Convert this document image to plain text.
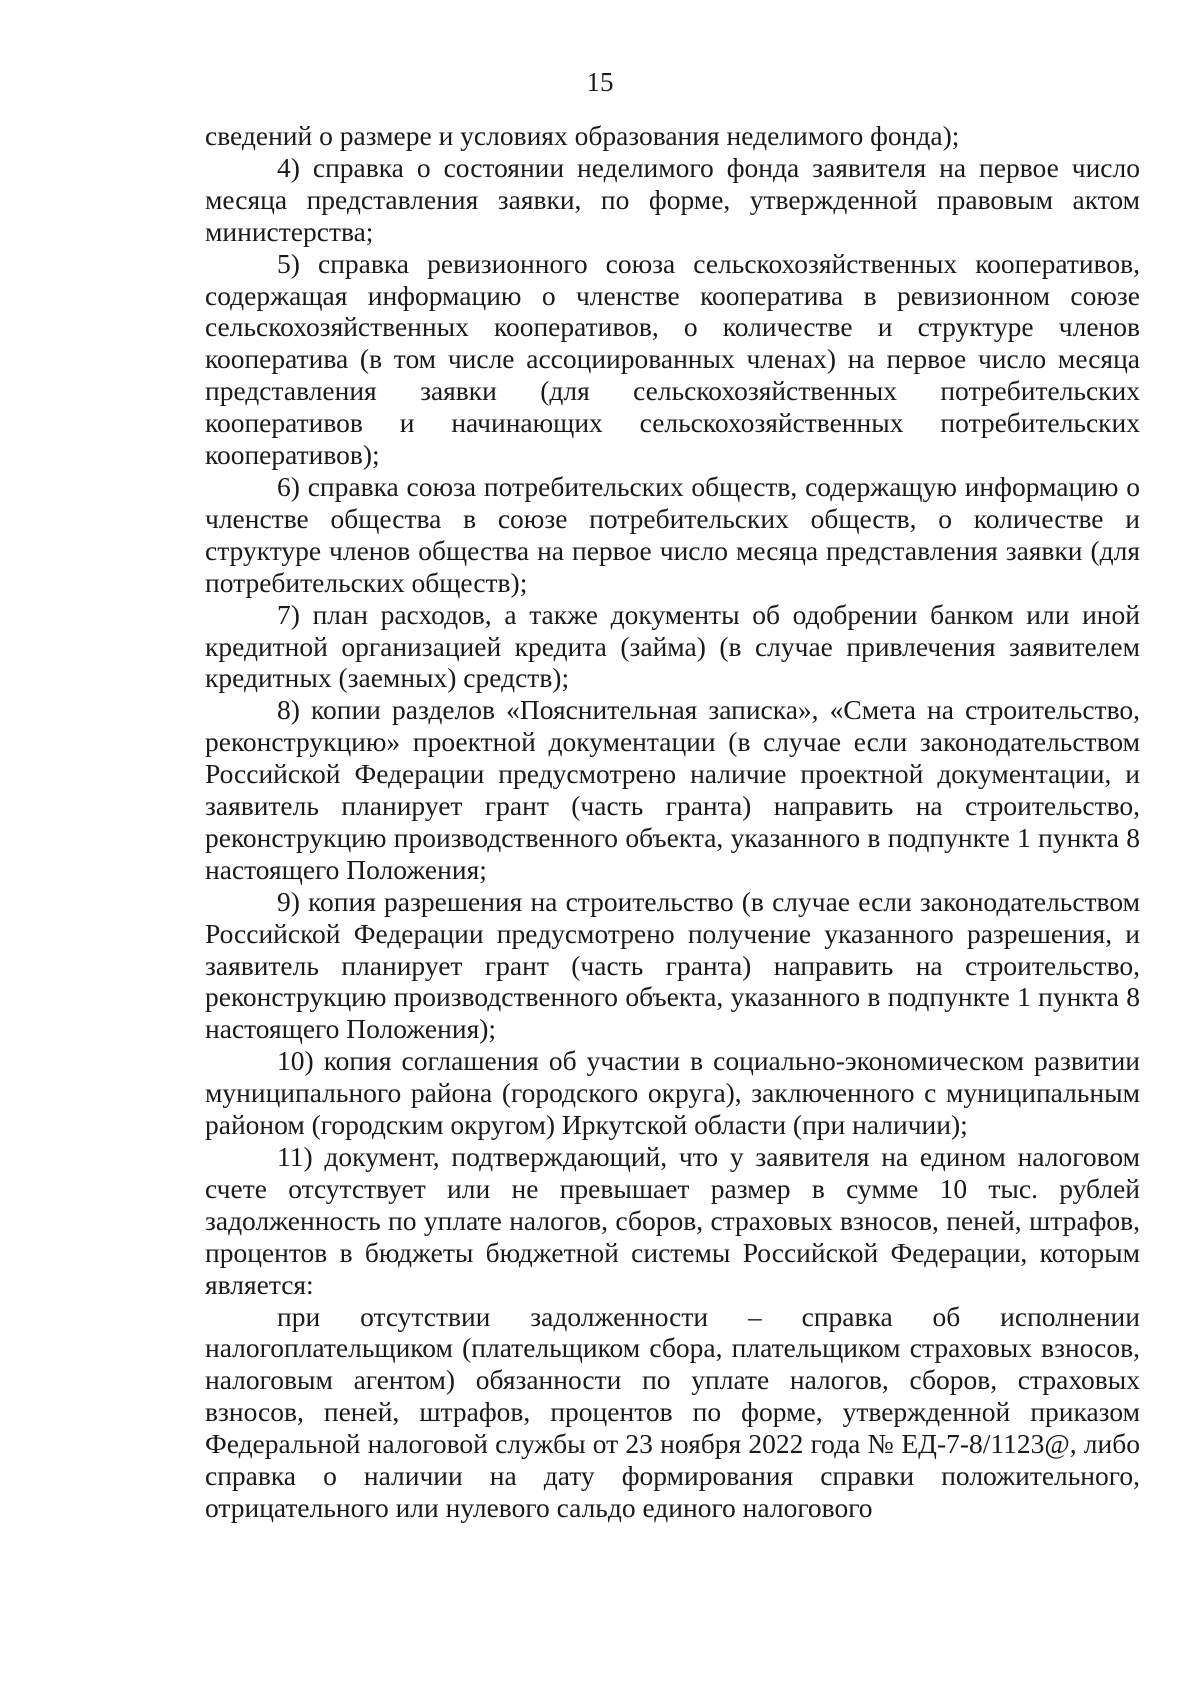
15

сведений о размере и условиях образования неделимого фонда);

4) справка о состоянии неделимого фонда заявителя на первое число месяца представления заявки, по форме, утвержденной правовым актом министерства;

5) справка ревизионного союза сельскохозяйственных кооперативов, содержащая информацию о членстве кооператива в ревизионном союзе сельскохозяйственных кооперативов, о количестве и структуре членов кооператива (в том числе ассоциированных членах) на первое число месяца представления заявки (для сельскохозяйственных потребительских кооперативов и начинающих сельскохозяйственных потребительских кооперативов);

6) справка союза потребительских обществ, содержащую информацию о членстве общества в союзе потребительских обществ, о количестве и структуре членов общества на первое число месяца представления заявки (для потребительских обществ);

7) план расходов, а также документы об одобрении банком или иной кредитной организацией кредита (займа) (в случае привлечения заявителем кредитных (заемных) средств);

8) копии разделов «Пояснительная записка», «Смета на строительство, реконструкцию» проектной документации (в случае если законодательством Российской Федерации предусмотрено наличие проектной документации, и заявитель планирует грант (часть гранта) направить на строительство, реконструкцию производственного объекта, указанного в подпункте 1 пункта 8 настоящего Положения;

9) копия разрешения на строительство (в случае если законодательством Российской Федерации предусмотрено получение указанного разрешения, и заявитель планирует грант (часть гранта) направить на строительство, реконструкцию производственного объекта, указанного в подпункте 1 пункта 8 настоящего Положения);

10) копия соглашения об участии в социально-экономическом развитии муниципального района (городского округа), заключенного с муниципальным районом (городским округом) Иркутской области (при наличии);

11) документ, подтверждающий, что у заявителя на едином налоговом счете отсутствует или не превышает размер в сумме 10 тыс. рублей задолженность по уплате налогов, сборов, страховых взносов, пеней, штрафов, процентов в бюджеты бюджетной системы Российской Федерации, которым является:

при отсутствии задолженности – справка об исполнении налогоплательщиком (плательщиком сбора, плательщиком страховых взносов, налоговым агентом) обязанности по уплате налогов, сборов, страховых взносов, пеней, штрафов, процентов по форме, утвержденной приказом Федеральной налоговой службы от 23 ноября 2022 года № ЕД-7-8/1123@, либо справка о наличии на дату формирования справки положительного, отрицательного или нулевого сальдо единого налогового
